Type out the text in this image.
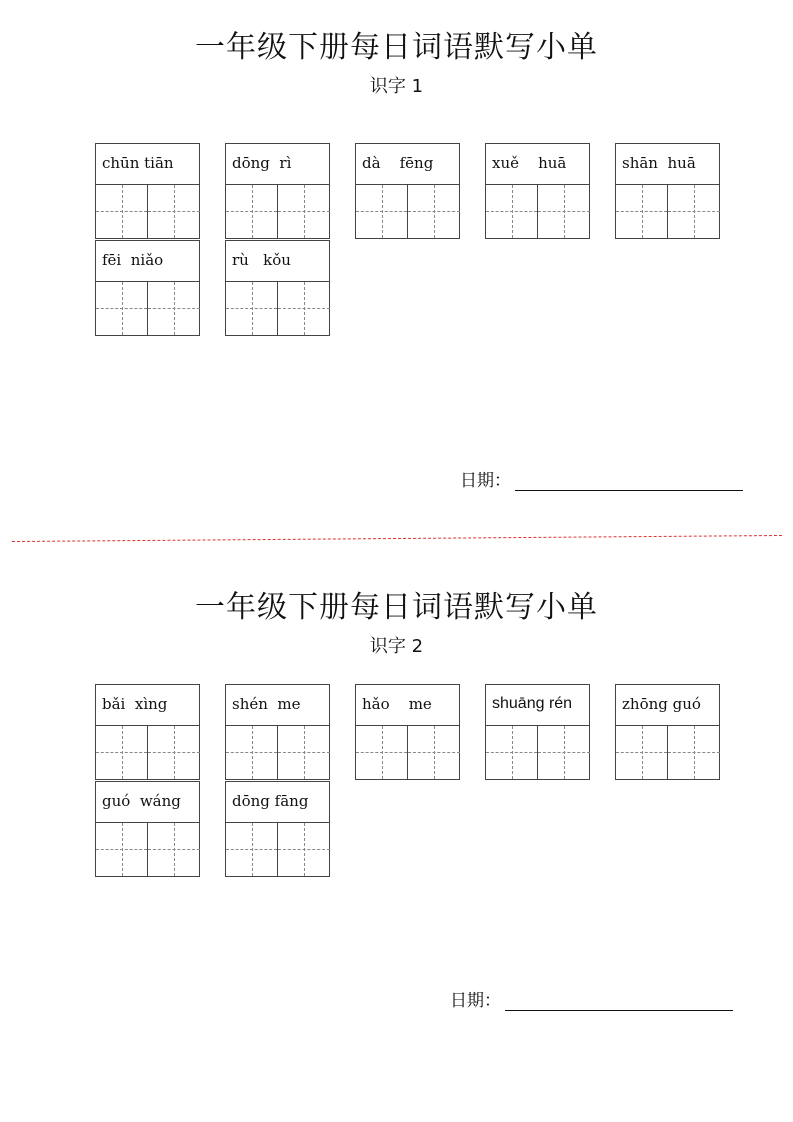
一年级下册每日词语默写小单
识字 1
chūn tiān	dōng  rì	dà    fēng	xuě    huā	shān  huā
fēi  niǎo	rù   kǒu
日期：
一年级下册每日词语默写小单
识字 2
bǎi  xìng	shén  me	hǎo    me	shuāng rén	zhōng guó
guó  wáng	dōng fāng
日期：
